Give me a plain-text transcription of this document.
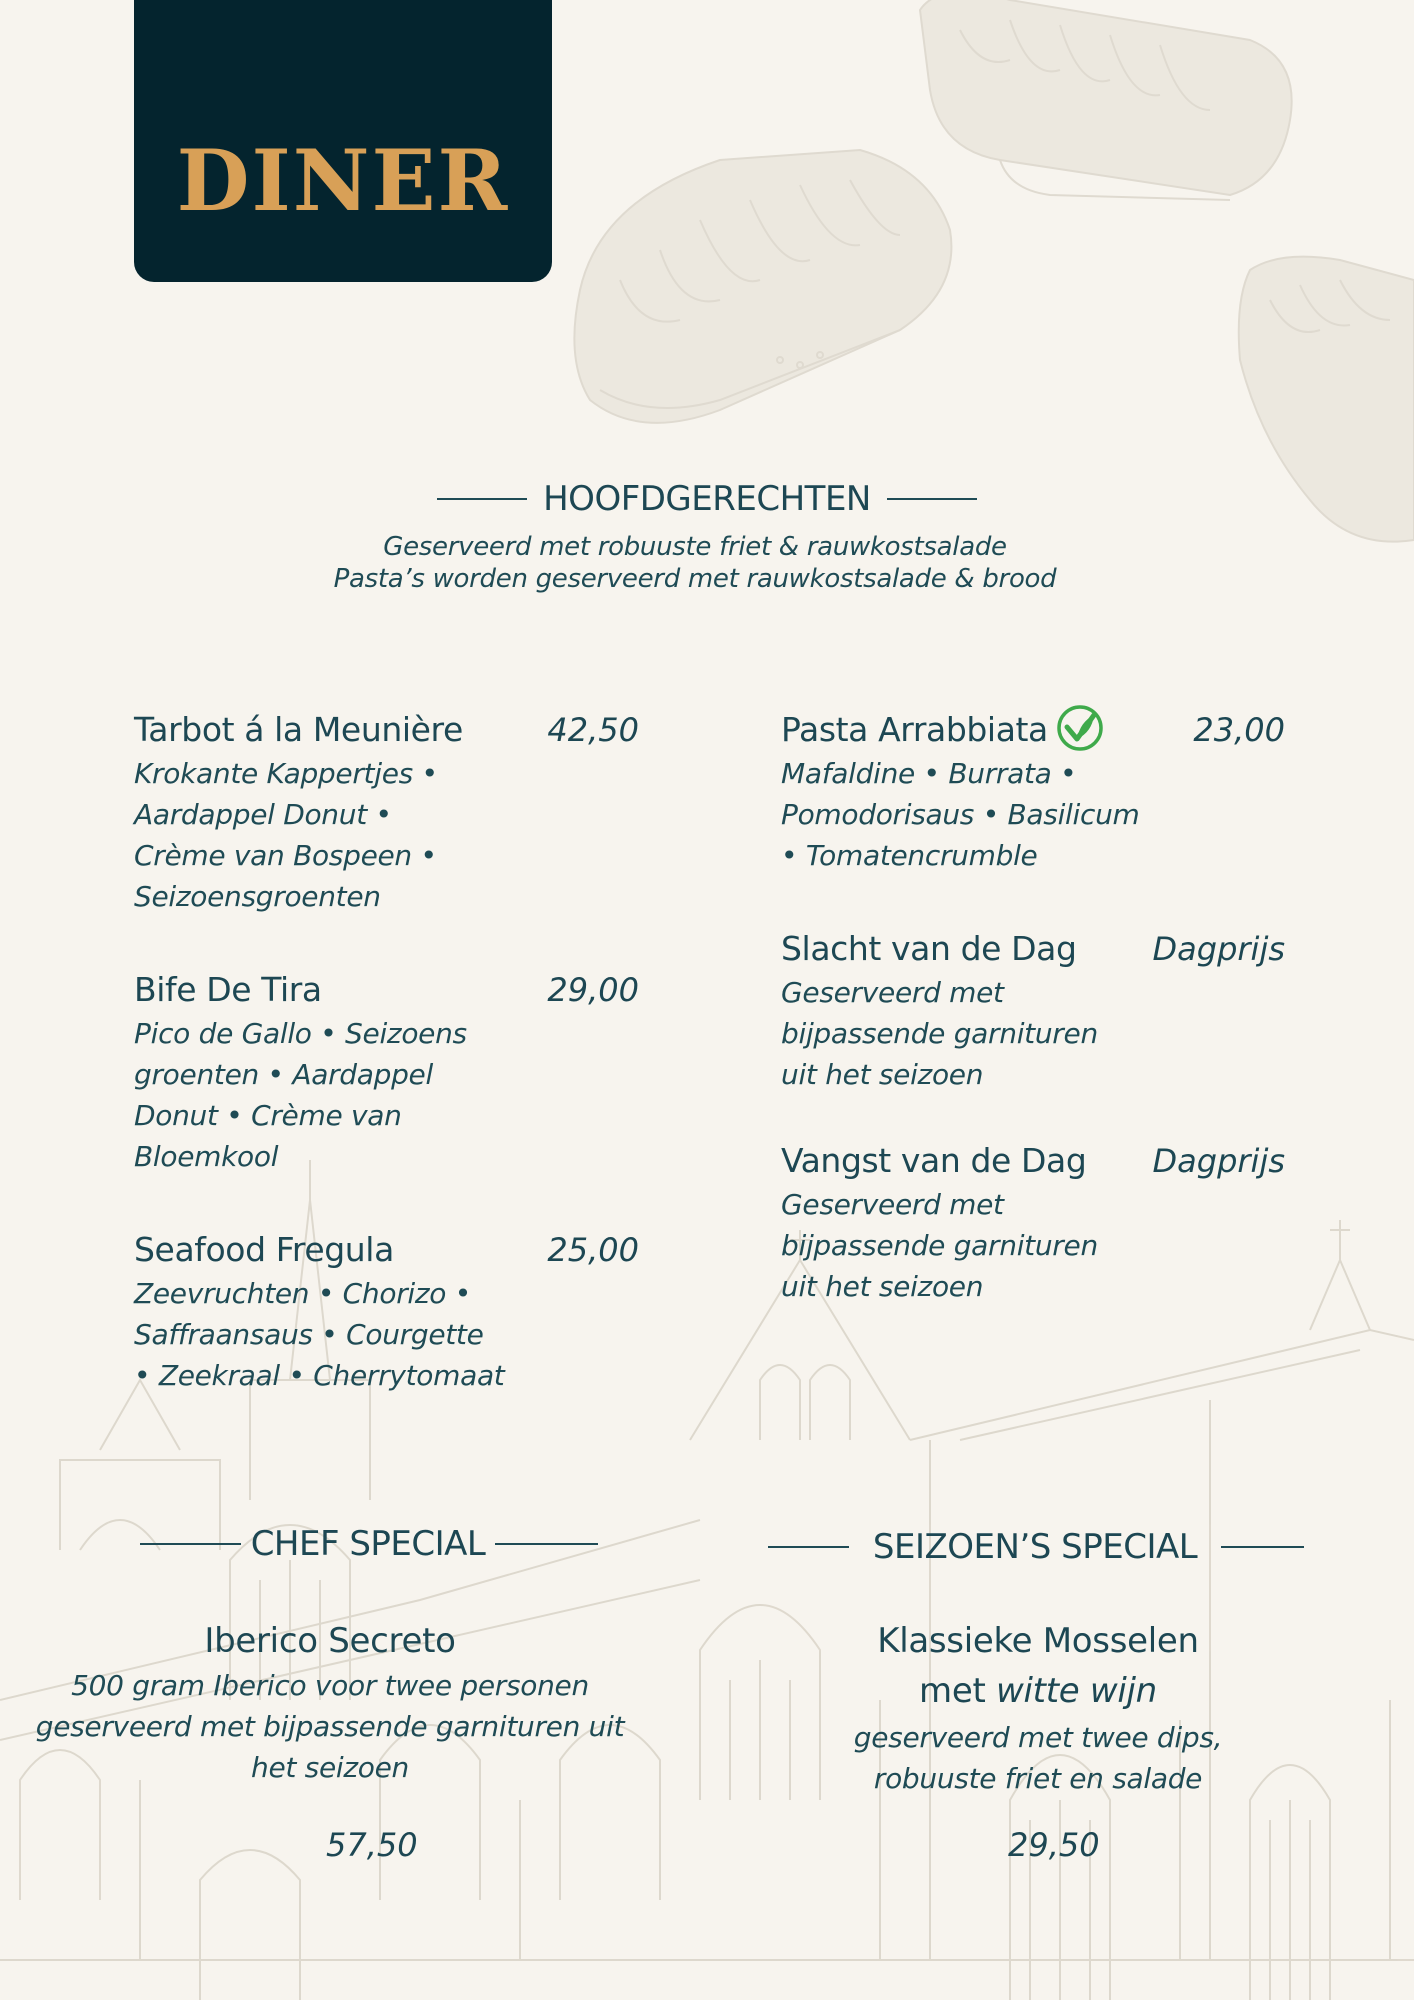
DINER
HOOFDGERECHTEN
Geserveerd met robuuste friet & rauwkostsalade
Pasta’s worden geserveerd met rauwkostsalade & brood
Tarbot á la Meunière	42,50
Krokante Kappertjes •
Aardappel Donut •
Crème van Bospeen •
Seizoensgroenten
Bife De Tira	29,00
Pico de Gallo • Seizoens
groenten • Aardappel
Donut • Crème van
Bloemkool
Seafood Fregula	25,00
Zeevruchten • Chorizo •
Saffraansaus • Courgette
• Zeekraal • Cherrytomaat
Pasta Arrabbiata	23,00
Mafaldine • Burrata •
Pomodorisaus • Basilicum
• Tomatencrumble
Slacht van de Dag	Dagprijs
Geserveerd met
bijpassende garnituren
uit het seizoen
Vangst van de Dag	Dagprijs
Geserveerd met
bijpassende garnituren
uit het seizoen
CHEF SPECIAL	SEIZOEN’S SPECIAL
Iberico Secreto
500 gram Iberico voor twee personen
geserveerd met bijpassende garnituren uit
het seizoen
57,50
Klassieke Mosselen
met witte wijn
geserveerd met twee dips,
robuuste friet en salade
29,50
